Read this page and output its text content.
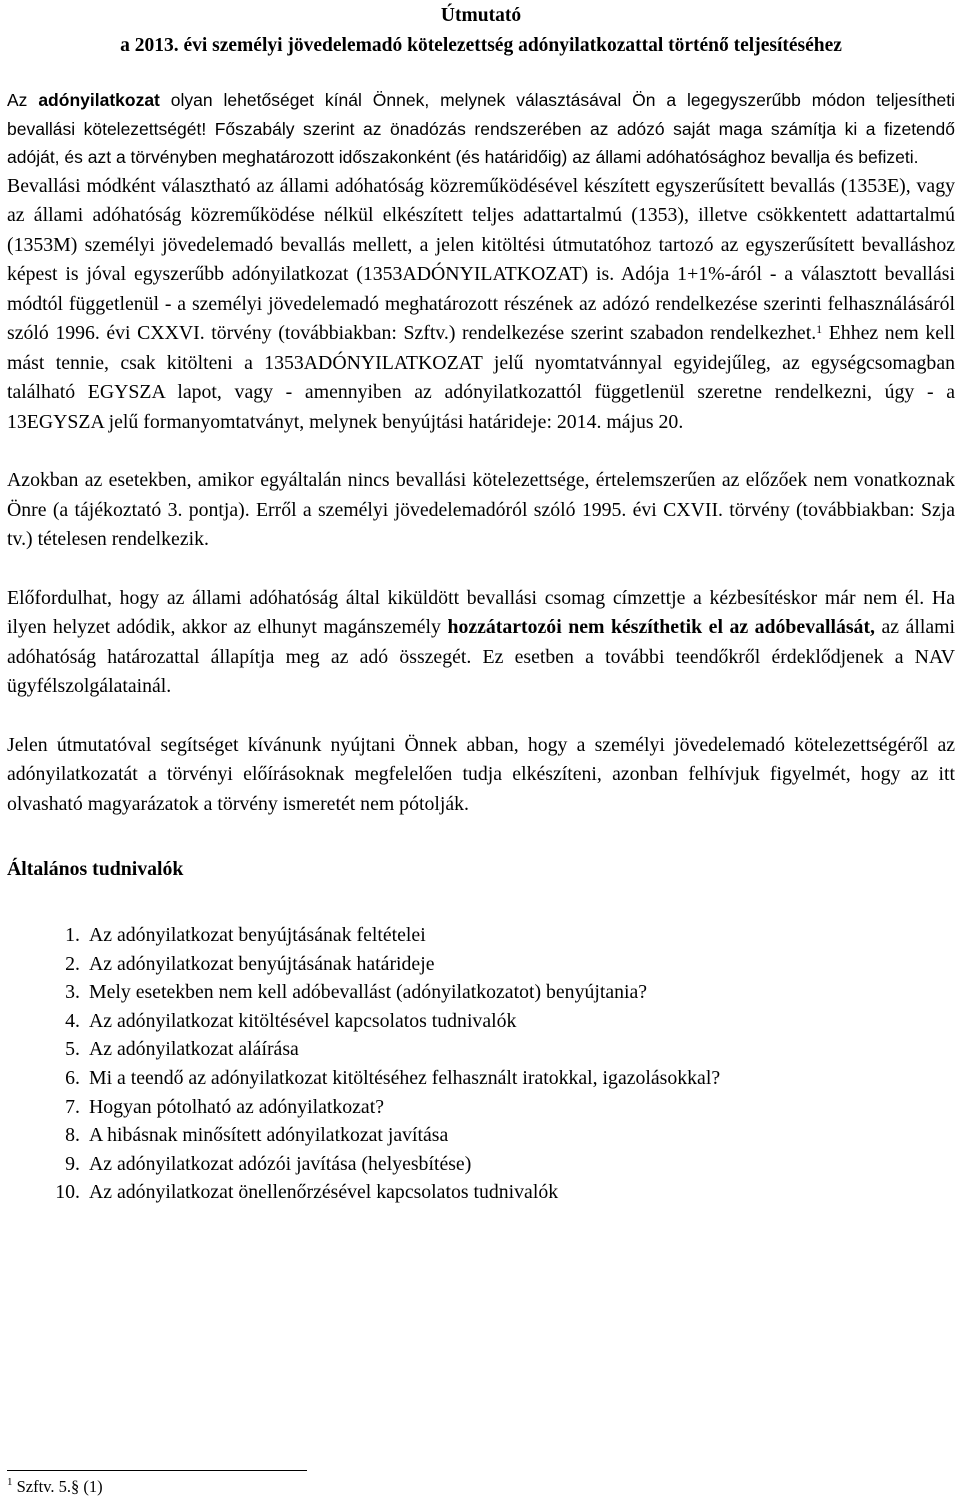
Útmutató

a 2013. évi személyi jövedelemadó kötelezettség adónyilatkozattal történő teljesítéséhez

Az adónyilatkozat olyan lehetőséget kínál Önnek, melynek választásával Ön a legegyszerűbb módon teljesítheti bevallási kötelezettségét! Főszabály szerint az önadózás rendszerében az adózó saját maga számítja ki a fizetendő adóját, és azt a törvényben meghatározott időszakonként (és határidőig) az állami adóhatósághoz bevallja és befizeti.

Bevallási módként választható az állami adóhatóság közreműködésével készített egyszerűsített bevallás (1353E), vagy az állami adóhatóság közreműködése nélkül elkészített teljes adattartalmú (1353), illetve csökkentett adattartalmú (1353M) személyi jövedelemadó bevallás mellett, a jelen kitöltési útmutatóhoz tartozó az egyszerűsített bevalláshoz képest is jóval egyszerűbb adónyilatkozat (1353ADÓNYILATKOZAT) is. Adója 1+1%-áról - a választott bevallási módtól függetlenül - a személyi jövedelemadó meghatározott részének az adózó rendelkezése szerinti felhasználásáról szóló 1996. évi CXXVI. törvény (továbbiakban: Szftv.) rendelkezése szerint szabadon rendelkezhet.$^1$ Ehhez nem kell mást tennie, csak kitölteni a 1353ADÓNYILATKOZAT jelű nyomtatvánnyal egyidejűleg, az egységcsomagban található EGYSZA lapot, vagy - amennyiben az adónyilatkozattól függetlenül szeretne rendelkezni, úgy - a 13EGYSZA jelű formanyomtatványt, melynek benyújtási határideje: 2014. május 20.

Azokban az esetekben, amikor egyáltalán nincs bevallási kötelezettsége, értelemszerűen az előzőek nem vonatkoznak Önre (a tájékoztató 3. pontja). Erről a személyi jövedelemadóról szóló 1995. évi CXVII. törvény (továbbiakban: Szja tv.) tételesen rendelkezik.

Előfordulhat, hogy az állami adóhatóság által kiküldött bevallási csomag címzettje a kézbesítéskor már nem él. Ha ilyen helyzet adódik, akkor az elhunyt magánszemély hozzátartozói nem készíthetik el az adóbevallását, az állami adóhatóság határozattal állapítja meg az adó összegét. Ez esetben a további teendőkről érdeklődjenek a NAV ügyfélszolgálatainál.

Jelen útmutatóval segítséget kívánunk nyújtani Önnek abban, hogy a személyi jövedelemadó kötelezettségéről az adónyilatkozatát a törvényi előírásoknak megfelelően tudja elkészíteni, azonban felhívjuk figyelmét, hogy az itt olvasható magyarázatok a törvény ismeretét nem pótolják.

Általános tudnivalók

1. Az adónyilatkozat benyújtásának feltételei
2. Az adónyilatkozat benyújtásának határideje
3. Mely esetekben nem kell adóbevallást (adónyilatkozatot) benyújtania?
4. Az adónyilatkozat kitöltésével kapcsolatos tudnivalók
5. Az adónyilatkozat aláírása
6. Mi a teendő az adónyilatkozat kitöltéséhez felhasznált iratokkal, igazolásokkal?
7. Hogyan pótolható az adónyilatkozat?
8. A hibásnak minősített adónyilatkozat javítása
9. Az adónyilatkozat adózói javítása (helyesbítése)
10. Az adónyilatkozat önellenőrzésével kapcsolatos tudnivalók
$^1$ Szftv. 5.§ (1)
